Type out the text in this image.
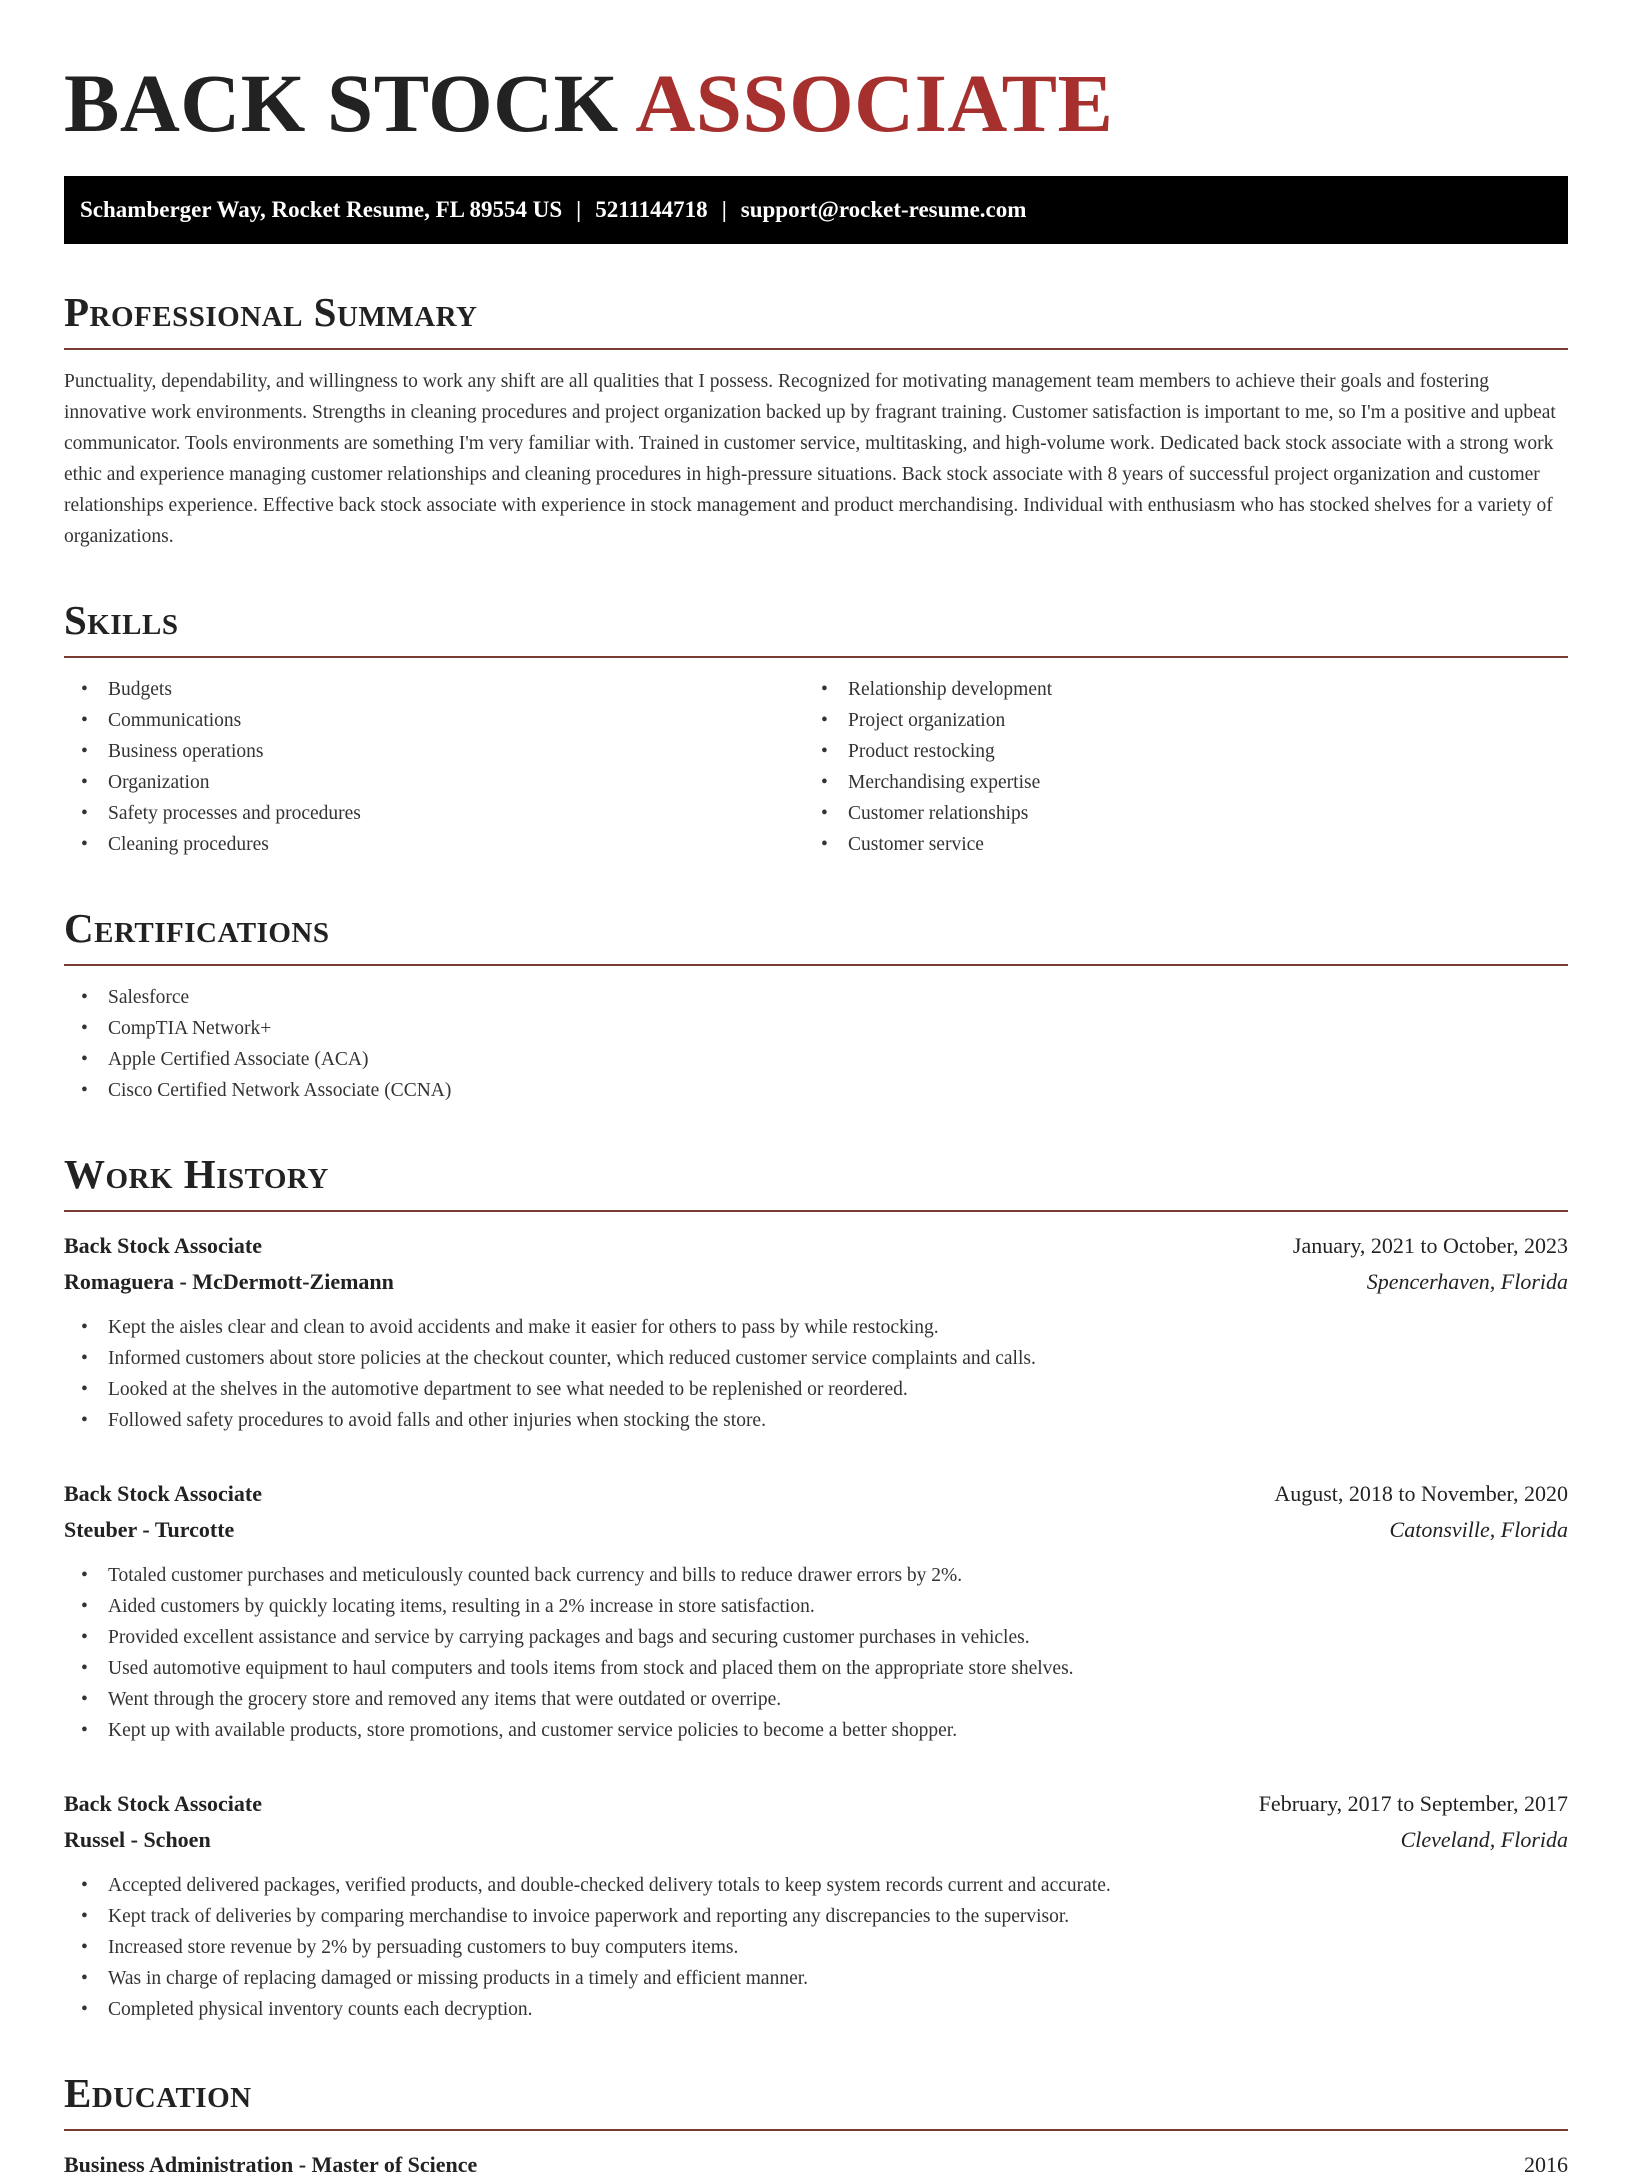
BACK STOCK ASSOCIATE
Schamberger Way, Rocket Resume, FL 89554 US | 5211144718 | support@rocket-resume.com
Professional Summary

Punctuality, dependability, and willingness to work any shift are all qualities that I possess. Recognized for motivating management team members to achieve their goals and fostering innovative work environments. Strengths in cleaning procedures and project organization backed up by fragrant training. Customer satisfaction is important to me, so I'm a positive and upbeat communicator. Tools environments are something I'm very familiar with. Trained in customer service, multitasking, and high-volume work. Dedicated back stock associate with a strong work ethic and experience managing customer relationships and cleaning procedures in high-pressure situations. Back stock associate with 8 years of successful project organization and customer relationships experience. Effective back stock associate with experience in stock management and product merchandising. Individual with enthusiasm who has stocked shelves for a variety of organizations.

Skills
• Budgets
• Communications
• Business operations
• Organization
• Safety processes and procedures
• Cleaning procedures
• Relationship development
• Project organization
• Product restocking
• Merchandising expertise
• Customer relationships
• Customer service
Certifications
• Salesforce
• CompTIA Network+
• Apple Certified Associate (ACA)
• Cisco Certified Network Associate (CCNA)
Work History
Back Stock Associate	January, 2021 to October, 2023
Romaguera - McDermott-Ziemann	Spencerhaven, Florida
• Kept the aisles clear and clean to avoid accidents and make it easier for others to pass by while restocking.
• Informed customers about store policies at the checkout counter, which reduced customer service complaints and calls.
• Looked at the shelves in the automotive department to see what needed to be replenished or reordered.
• Followed safety procedures to avoid falls and other injuries when stocking the store.
Back Stock Associate	August, 2018 to November, 2020
Steuber - Turcotte	Catonsville, Florida
• Totaled customer purchases and meticulously counted back currency and bills to reduce drawer errors by 2%.
• Aided customers by quickly locating items, resulting in a 2% increase in store satisfaction.
• Provided excellent assistance and service by carrying packages and bags and securing customer purchases in vehicles.
• Used automotive equipment to haul computers and tools items from stock and placed them on the appropriate store shelves.
• Went through the grocery store and removed any items that were outdated or overripe.
• Kept up with available products, store promotions, and customer service policies to become a better shopper.
Back Stock Associate	February, 2017 to September, 2017
Russel - Schoen	Cleveland, Florida
• Accepted delivered packages, verified products, and double-checked delivery totals to keep system records current and accurate.
• Kept track of deliveries by comparing merchandise to invoice paperwork and reporting any discrepancies to the supervisor.
• Increased store revenue by 2% by persuading customers to buy computers items.
• Was in charge of replacing damaged or missing products in a timely and efficient manner.
• Completed physical inventory counts each decryption.
Education
Business Administration - Master of Science	2016
